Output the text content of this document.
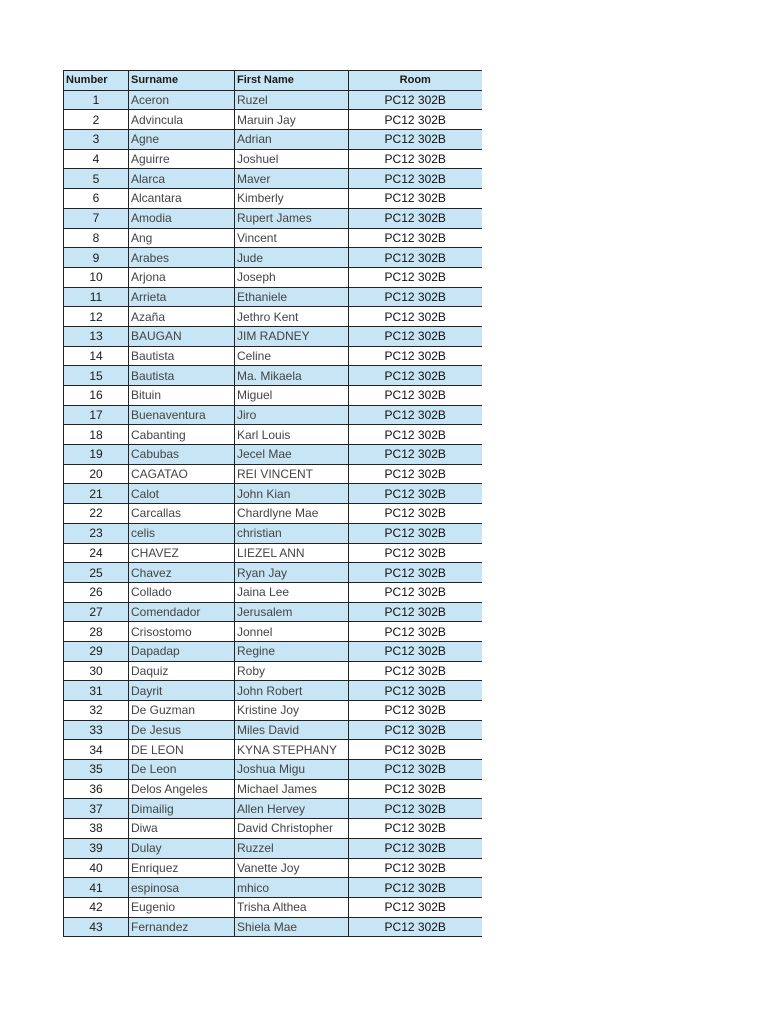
Number	Surname	First Name	Room
1	Aceron	Ruzel	PC12 302B
2	Advincula	Maruin Jay	PC12 302B
3	Agne	Adrian	PC12 302B
4	Aguirre	Joshuel	PC12 302B
5	Alarca	Maver	PC12 302B
6	Alcantara	Kimberly	PC12 302B
7	Amodia	Rupert James	PC12 302B
8	Ang	Vincent	PC12 302B
9	Arabes	Jude	PC12 302B
10	Arjona	Joseph	PC12 302B
11	Arrieta	Ethaniele	PC12 302B
12	Azaña	Jethro Kent	PC12 302B
13	BAUGAN	JIM RADNEY	PC12 302B
14	Bautista	Celine	PC12 302B
15	Bautista	Ma. Mikaela	PC12 302B
16	Bituin	Miguel	PC12 302B
17	Buenaventura	Jiro	PC12 302B
18	Cabanting	Karl Louis	PC12 302B
19	Cabubas	Jecel Mae	PC12 302B
20	CAGATAO	REI VINCENT	PC12 302B
21	Calot	John Kian	PC12 302B
22	Carcallas	Chardlyne Mae	PC12 302B
23	celis	christian	PC12 302B
24	CHAVEZ	LIEZEL ANN	PC12 302B
25	Chavez	Ryan Jay	PC12 302B
26	Collado	Jaina Lee	PC12 302B
27	Comendador	Jerusalem	PC12 302B
28	Crisostomo	Jonnel	PC12 302B
29	Dapadap	Regine	PC12 302B
30	Daquiz	Roby	PC12 302B
31	Dayrit	John Robert	PC12 302B
32	De Guzman	Kristine Joy	PC12 302B
33	De Jesus	Miles David	PC12 302B
34	DE LEON	KYNA STEPHANY	PC12 302B
35	De Leon	Joshua Migu	PC12 302B
36	Delos Angeles	Michael James	PC12 302B
37	Dimailig	Allen Hervey	PC12 302B
38	Diwa	David Christopher	PC12 302B
39	Dulay	Ruzzel	PC12 302B
40	Enriquez	Vanette Joy	PC12 302B
41	espinosa	mhico	PC12 302B
42	Eugenio	Trisha Althea	PC12 302B
43	Fernandez	Shiela Mae	PC12 302B
